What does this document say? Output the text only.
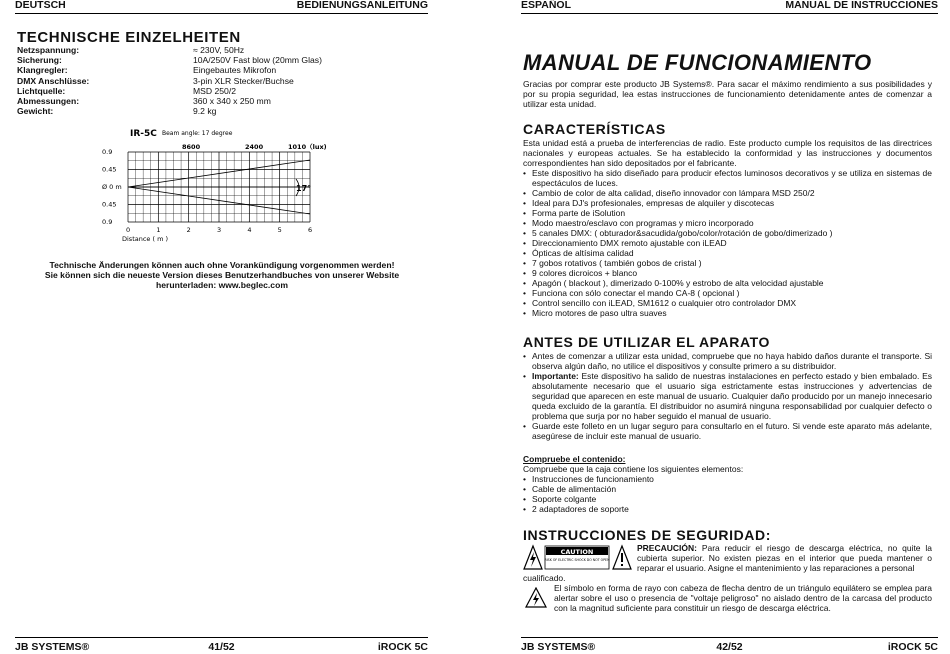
DEUTSCH	BEDIENUNGSANLEITUNG
TECHNISCHE EINZELHEITEN
Netzspannung:	≈ 230V, 50Hz
Sicherung:	10A/250V Fast blow (20mm Glas)
Klangregler:	Eingebautes Mikrofon
DMX Anschlüsse:	3-pin XLR Stecker/Buchse
Lichtquelle:	MSD 250/2
Abmessungen:	360 x 340 x 250 mm
Gewicht:	9.2 kg
IR-5C Beam angle: 17 degree
8600	2400	1010（lux)
0.9
0.45
Ø 0 m
0.45
0.9
0	1	2	3	4	5	6
17°
Distance ( m )
Technische Änderungen können auch ohne Vorankündigung vorgenommen werden!
Sie können sich die neueste Version dieses Benutzerhandbuches von unserer Website
herunterladen: www.beglec.com
JB SYSTEMS®	41/52	iROCK 5C
ESPAÑOL	MANUAL DE INSTRUCCIONES
MANUAL DE FUNCIONAMIENTO
Gracias por comprar este producto JB Systems®. Para sacar el máximo rendimiento a sus posibilidades y por su propia seguridad, lea estas instrucciones de funcionamiento detenidamente antes de comenzar a utilizar esta unidad.
CARACTERÍSTICAS
Esta unidad está a prueba de interferencias de radio. Este producto cumple los requisitos de las directrices nacionales y europeas actuales. Se ha establecido la conformidad y las instrucciones y documentos correspondientes han sido depositados por el fabricante.
• Este dispositivo ha sido diseñado para producir efectos luminosos decorativos y se utiliza en sistemas de espectáculos de luces.
• Cambio de color de alta calidad, diseño innovador con lámpara MSD 250/2
• Ideal para DJ's profesionales, empresas de alquiler y discotecas
• Forma parte de iSolution
• Modo maestro/esclavo con programas y micro incorporado
• 5 canales DMX: ( obturador&sacudida/gobo/color/rotación de gobo/dimerizado )
• Direccionamiento DMX remoto ajustable con iLEAD
• Ópticas de altísima calidad
• 7 gobos rotativos ( también gobos de cristal )
• 9 colores dicroicos + blanco
• Apagón ( blackout ), dimerizado 0-100% y estrobo de alta velocidad ajustable
• Funciona con sólo conectar el mando CA-8 ( opcional )
• Control sencillo con iLEAD, SM1612 o cualquier otro controlador DMX
• Micro motores de paso ultra suaves
ANTES DE UTILIZAR EL APARATO
• Antes de comenzar a utilizar esta unidad, compruebe que no haya habido daños durante el transporte. Si observa algún daño, no utilice el dispositivos y consulte primero a su distribuidor.
• Importante: Este dispositivo ha salido de nuestras instalaciones en perfecto estado y bien embalado. Es absolutamente necesario que el usuario siga estrictamente estas instrucciones y advertencias de seguridad que aparecen en este manual de usuario. Cualquier daño producido por un manejo innecesario queda excluido de la garantía. El distribuidor no asumirá ninguna responsabilidad por cualquier defecto o problema que surja por no haber seguido el manual de usuario.
• Guarde este folleto en un lugar seguro para consultarlo en el futuro. Si vende este aparato más adelante, asegúrese de incluir este manual de usuario.
Compruebe el contenido:
Compruebe que la caja contiene los siguientes elementos:
• Instrucciones de funcionamiento
• Cable de alimentación
• Soporte colgante
• 2 adaptadores de soporte
INSTRUCCIONES DE SEGURIDAD:
CAUTION
RISK OF ELECTRIC SHOCK DO NOT OPEN
PRECAUCIÓN: Para reducir el riesgo de descarga eléctrica, no quite la cubierta superior. No existen piezas en el interior que pueda mantener o reparar el usuario. Asigne el mantenimiento y las reparaciones a personal
cualificado.
El símbolo en forma de rayo con cabeza de flecha dentro de un triángulo equilátero se emplea para alertar sobre el uso o presencia de "voltaje peligroso" no aislado dentro de la carcasa del producto con la magnitud suficiente para constituir un riesgo de descarga eléctrica.
JB SYSTEMS®	42/52	iROCK 5C
